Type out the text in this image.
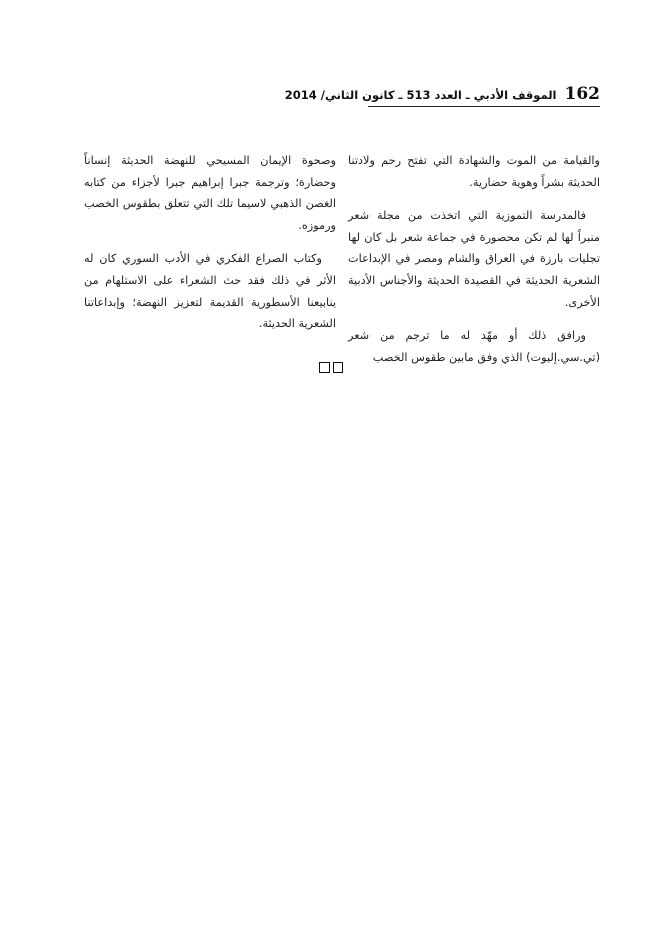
162
الموقف الأدبي ـ العدد 513 ـ كانون الثاني/ 2014

والقيامة من الموت والشهادة التي تفتح رحم ولادتنا الحديثة بشراً وهوية حضارية.

فالمدرسة التموزية التي اتخذت من مجلة شعر منبراً لها لم تكن محصورة في جماعة شعر بل كان لها تجليات بارزة في العراق والشام ومصر في الإبداعات الشعرية الحديثة في القصيدة الحديثة والأجناس الأدبية الأخرى.

ورافق ذلك أو مهّد له ما ترجم من شعر (تي.سي.إليوت) الذي وفق مابين طقوس الخصب

وصحوة الإيمان المسيحي للنهضة الحديثة إنساناً وحضارة؛ وترجمة جبرا إبراهيم جبرا لأجزاء من كتابه الغصن الذهبي لاسيما تلك التي تتعلق بطقوس الخصب ورموزه.

وكتاب الصراع الفكري في الأدب السوري كان له الأثر في ذلك فقد حث الشعراء على الاستلهام من ينابيعنا الأسطورية القديمة لتعزيز النهضة؛ وإبداعاتنا الشعرية الحديثة.
